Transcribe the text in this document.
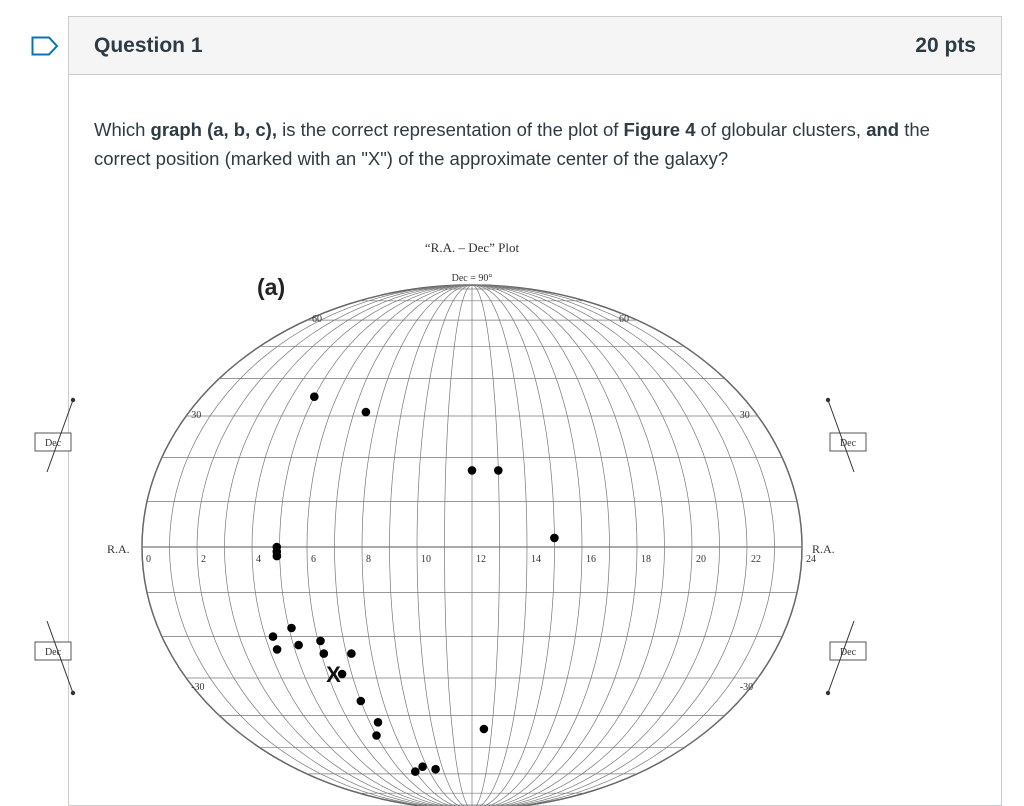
Question 1	20 pts
Which graph (a, b, c), is the correct representation of the plot of Figure 4 of globular clusters, and the correct position (marked with an "X") of the approximate center of the galaxy?
“R.A. – Dec” Plot
Dec = 90°
(a)
0	2	4	6	8	10	12	14	16	18	20	22	24
R.A.	R.A.
60	60
30	30
-30	-30
Dec
Dec
Dec
Dec
X
